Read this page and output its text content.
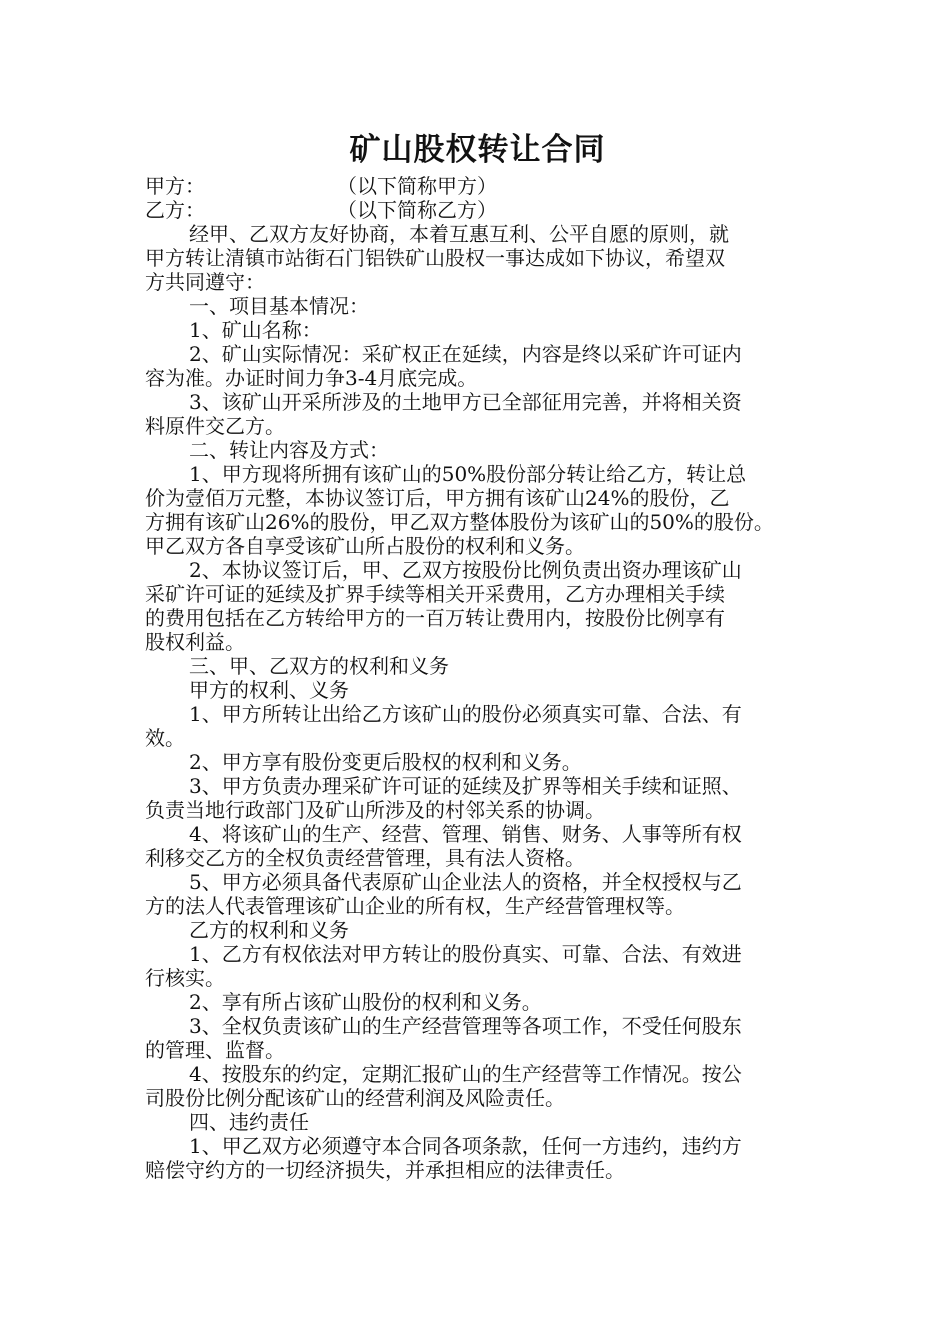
矿山股权转让合同
甲方：	（以下简称甲方）
乙方：	（以下简称乙方）
经甲、乙双方友好协商，本着互惠互利、公平自愿的原则，就
甲方转让清镇市站街石门铝铁矿山股权一事达成如下协议，希望双
方共同遵守：
一、项目基本情况：
1、矿山名称：
2、矿山实际情况：采矿权正在延续，内容是终以采矿许可证内
容为准。办证时间力争3-4月底完成。
3、该矿山开采所涉及的土地甲方已全部征用完善，并将相关资
料原件交乙方。
二、转让内容及方式：
1、甲方现将所拥有该矿山的50%股份部分转让给乙方，转让总
价为壹佰万元整，本协议签订后，甲方拥有该矿山24%的股份，乙
方拥有该矿山26%的股份，甲乙双方整体股份为该矿山的50%的股份。
甲乙双方各自享受该矿山所占股份的权利和义务。
2、本协议签订后，甲、乙双方按股份比例负责出资办理该矿山
采矿许可证的延续及扩界手续等相关开采费用，乙方办理相关手续
的费用包括在乙方转给甲方的一百万转让费用内，按股份比例享有
股权利益。
三、甲、乙双方的权利和义务
甲方的权利、义务
1、甲方所转让出给乙方该矿山的股份必须真实可靠、合法、有
效。
2、甲方享有股份变更后股权的权利和义务。
3、甲方负责办理采矿许可证的延续及扩界等相关手续和证照、
负责当地行政部门及矿山所涉及的村邻关系的协调。
4、将该矿山的生产、经营、管理、销售、财务、人事等所有权
利移交乙方的全权负责经营管理，具有法人资格。
5、甲方必须具备代表原矿山企业法人的资格，并全权授权与乙
方的法人代表管理该矿山企业的所有权，生产经营管理权等。
乙方的权利和义务
1、乙方有权依法对甲方转让的股份真实、可靠、合法、有效进
行核实。
2、享有所占该矿山股份的权利和义务。
3、全权负责该矿山的生产经营管理等各项工作，不受任何股东
的管理、监督。
4、按股东的约定，定期汇报矿山的生产经营等工作情况。按公
司股份比例分配该矿山的经营利润及风险责任。
四、违约责任
1、甲乙双方必须遵守本合同各项条款，任何一方违约，违约方
赔偿守约方的一切经济损失，并承担相应的法律责任。
